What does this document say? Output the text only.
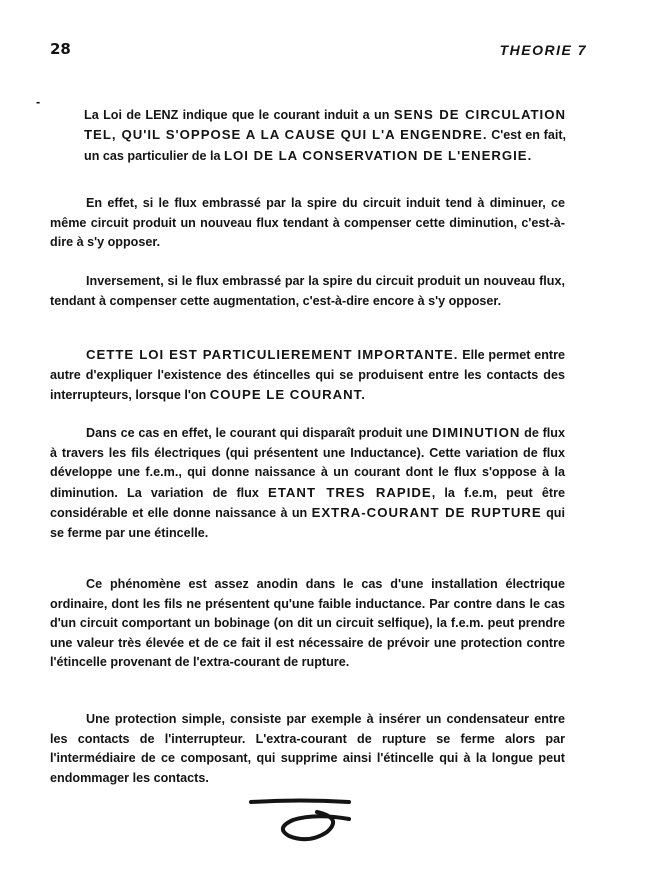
28	THEORIE 7
-

La Loi de LENZ indique que le courant induit a un SENS DE CIRCULATION TEL, QU'IL S'OPPOSE A LA CAUSE QUI L'A ENGENDRE. C'est en fait, un cas particulier de la LOI DE LA CONSERVATION DE L'ENERGIE.

En effet, si le flux embrassé par la spire du circuit induit tend à diminuer, ce même circuit produit un nouveau flux tendant à compenser cette diminution, c'est-à-dire à s'y opposer.

Inversement, si le flux embrassé par la spire du circuit produit un nouveau flux, tendant à compenser cette augmentation, c'est-à-dire encore à s'y opposer.

CETTE LOI EST PARTICULIEREMENT IMPORTANTE. Elle permet entre autre d'expliquer l'existence des étincelles qui se produisent entre les contacts des interrupteurs, lorsque l'on COUPE LE COURANT.

Dans ce cas en effet, le courant qui disparaît produit une DIMINUTION de flux à travers les fils électriques (qui présentent une Inductance). Cette variation de flux développe une f.e.m., qui donne naissance à un courant dont le flux s'oppose à la diminution. La variation de flux ETANT TRES RAPIDE, la f.e.m, peut être considérable et elle donne naissance à un EXTRA-COURANT DE RUPTURE qui se ferme par une étincelle.

Ce phénomène est assez anodin dans le cas d'une installation électrique ordinaire, dont les fils ne présentent qu'une faible inductance. Par contre dans le cas d'un circuit comportant un bobinage (on dit un circuit selfique), la f.e.m. peut prendre une valeur très élevée et de ce fait il est nécessaire de prévoir une protection contre l'étincelle provenant de l'extra-courant de rupture.

Une protection simple, consiste par exemple à insérer un condensateur entre les contacts de l'interrupteur. L'extra-courant de rupture se ferme alors par l'intermédiaire de ce composant, qui supprime ainsi l'étincelle qui à la longue peut endommager les contacts.
